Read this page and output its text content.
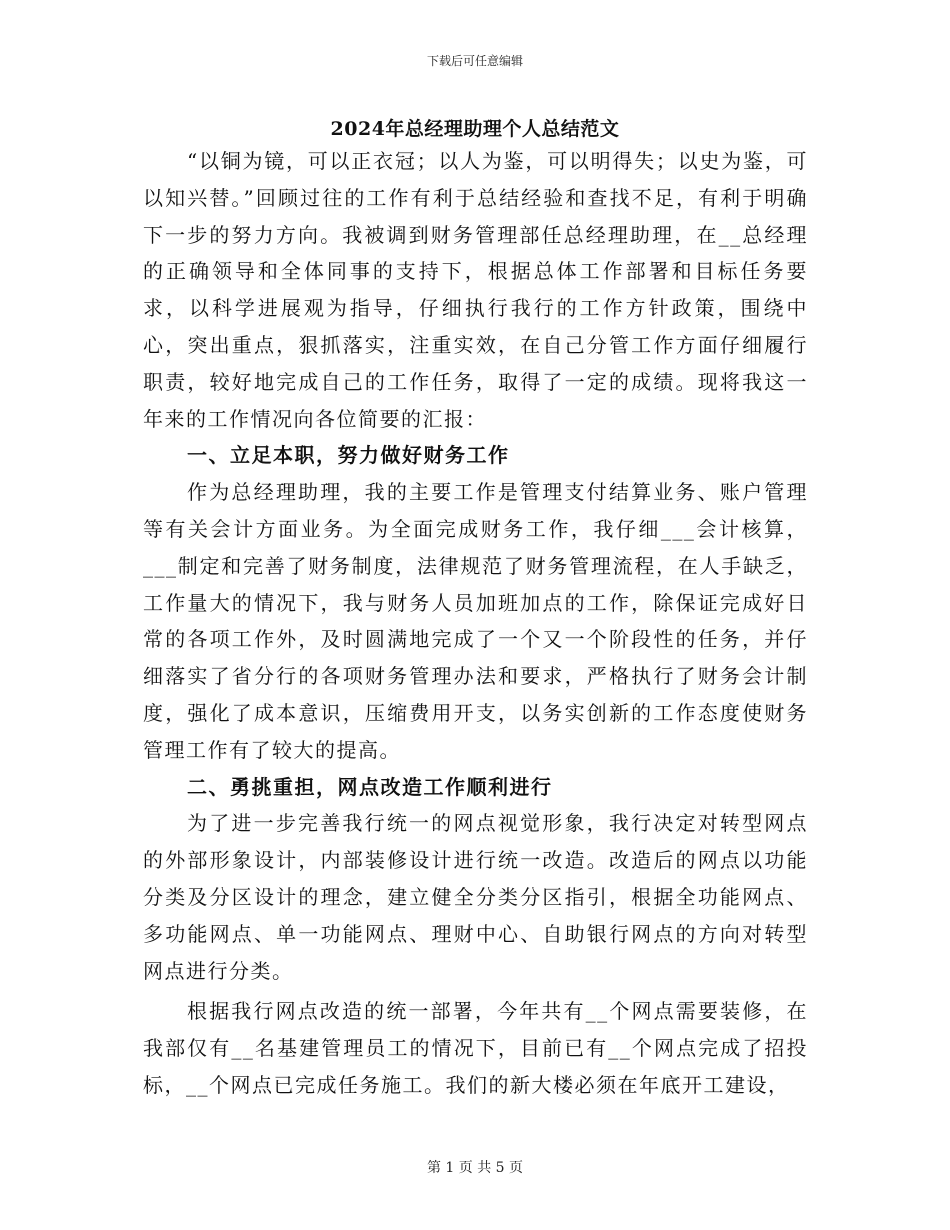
下载后可任意编辑
2024年总经理助理个人总结范文

“以铜为镜，可以正衣冠；以人为鉴，可以明得失；以史为鉴，可以知兴替。”回顾过往的工作有利于总结经验和查找不足，有利于明确下一步的努力方向。我被调到财务管理部任总经理助理，在__总经理的正确领导和全体同事的支持下，根据总体工作部署和目标任务要求，以科学进展观为指导，仔细执行我行的工作方针政策，围绕中心，突出重点，狠抓落实，注重实效，在自己分管工作方面仔细履行职责，较好地完成自己的工作任务，取得了一定的成绩。现将我这一年来的工作情况向各位简要的汇报：

一、立足本职，努力做好财务工作

作为总经理助理，我的主要工作是管理支付结算业务、账户管理等有关会计方面业务。为全面完成财务工作，我仔细___会计核算，___制定和完善了财务制度，法律规范了财务管理流程，在人手缺乏，工作量大的情况下，我与财务人员加班加点的工作，除保证完成好日常的各项工作外，及时圆满地完成了一个又一个阶段性的任务，并仔细落实了省分行的各项财务管理办法和要求，严格执行了财务会计制度，强化了成本意识，压缩费用开支，以务实创新的工作态度使财务管理工作有了较大的提高。

二、勇挑重担，网点改造工作顺利进行

为了进一步完善我行统一的网点视觉形象，我行决定对转型网点的外部形象设计，内部装修设计进行统一改造。改造后的网点以功能分类及分区设计的理念，建立健全分类分区指引，根据全功能网点、多功能网点、单一功能网点、理财中心、自助银行网点的方向对转型网点进行分类。

根据我行网点改造的统一部署，今年共有__个网点需要装修，在我部仅有__名基建管理员工的情况下，目前已有__个网点完成了招投标，__个网点已完成任务施工。我们的新大楼必须在年底开工建设，

第 1 页 共 5 页
